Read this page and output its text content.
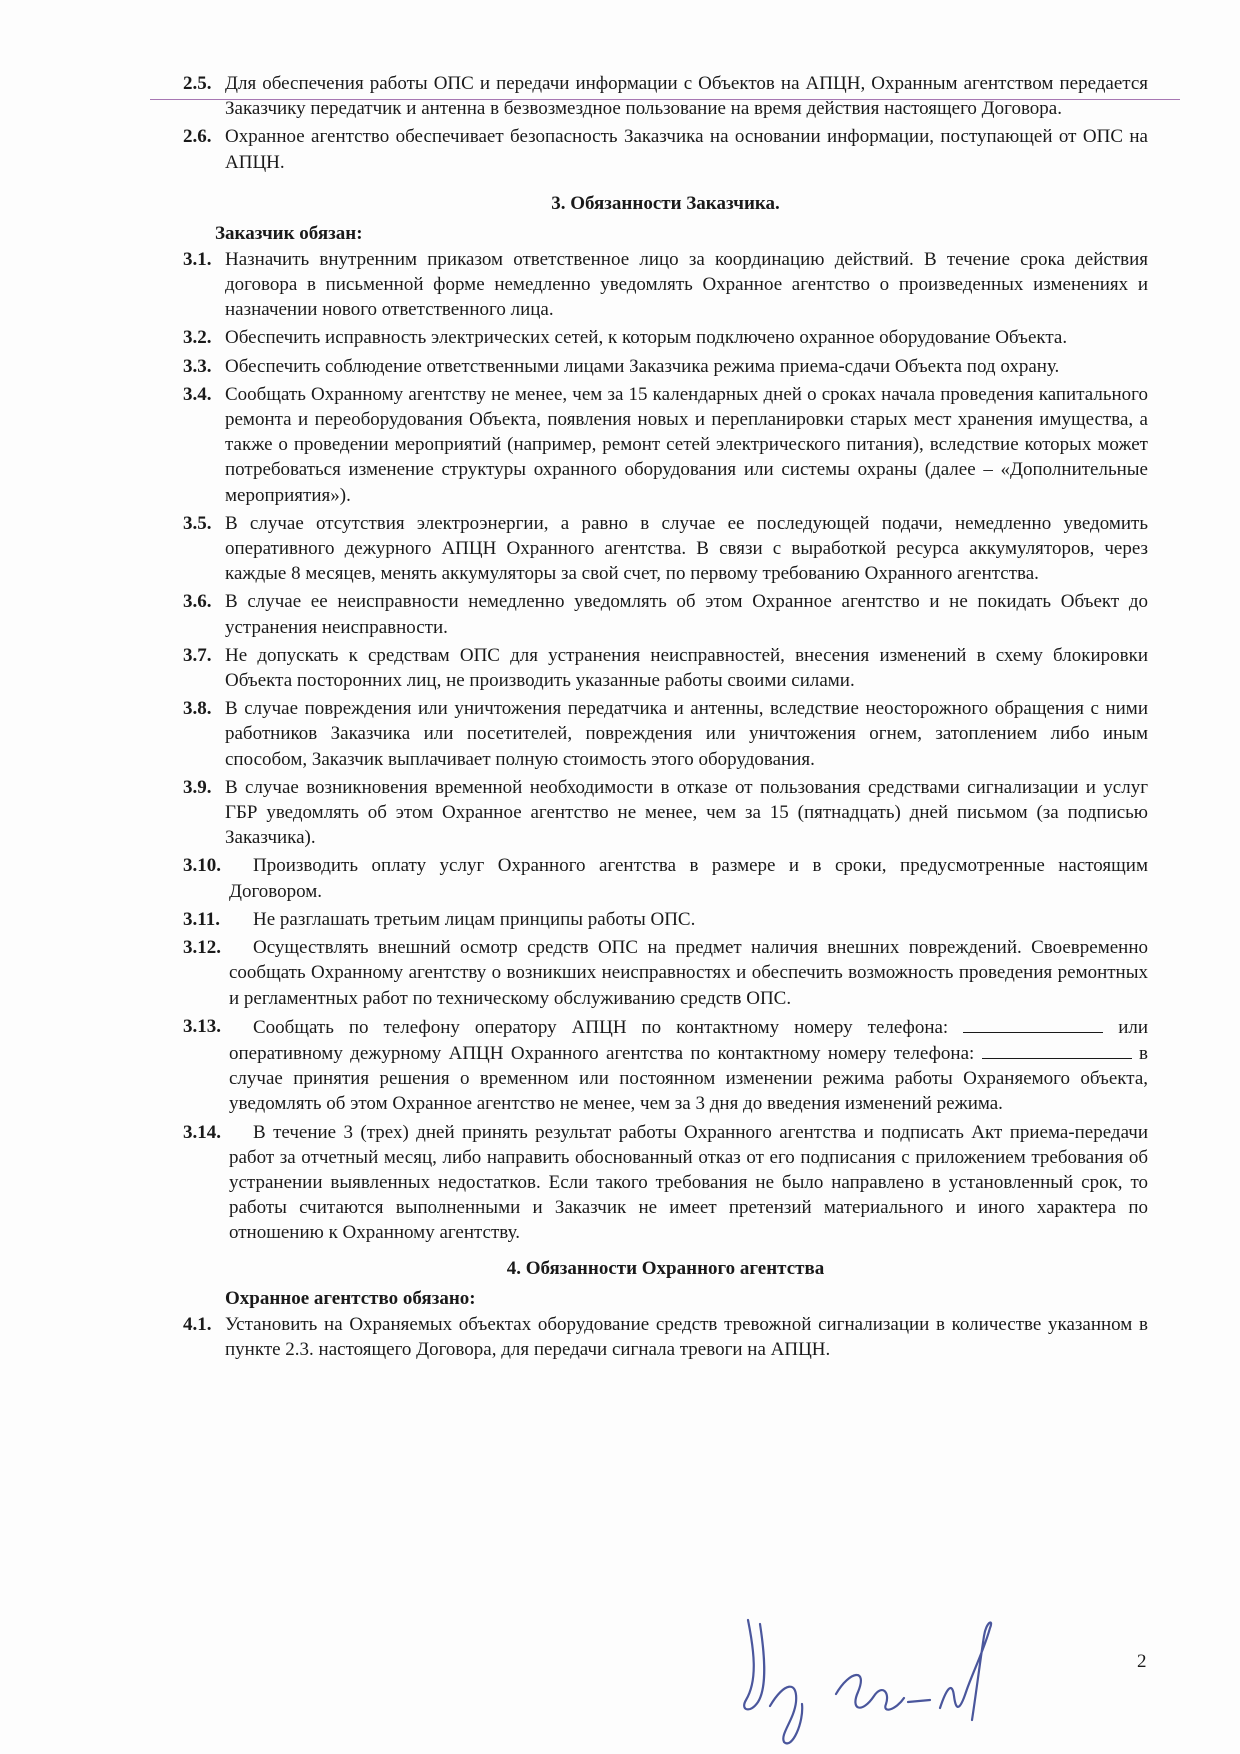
2.5. Для обеспечения работы ОПС и передачи информации с Объектов на АПЦН, Охранным агентством передается Заказчику передатчик и антенна в безвозмездное пользование на время действия настоящего Договора.
2.6. Охранное агентство обеспечивает безопасность Заказчика на основании информации, поступающей от ОПС на АПЦН.
3. Обязанности Заказчика.
Заказчик обязан:
3.1. Назначить внутренним приказом ответственное лицо за координацию действий. В течение срока действия договора в письменной форме немедленно уведомлять Охранное агентство о произведенных изменениях и назначении нового ответственного лица.
3.2. Обеспечить исправность электрических сетей, к которым подключено охранное оборудование Объекта.
3.3. Обеспечить соблюдение ответственными лицами Заказчика режима приема-сдачи Объекта под охрану.
3.4. Сообщать Охранному агентству не менее, чем за 15 календарных дней о сроках начала проведения капитального ремонта и переоборудования Объекта, появления новых и перепланировки старых мест хранения имущества, а также о проведении мероприятий (например, ремонт сетей электрического питания), вследствие которых может потребоваться изменение структуры охранного оборудования или системы охраны (далее – «Дополнительные мероприятия»).
3.5. В случае отсутствия электроэнергии, а равно в случае ее последующей подачи, немедленно уведомить оперативного дежурного АПЦН Охранного агентства. В связи с выработкой ресурса аккумуляторов, через каждые 8 месяцев, менять аккумуляторы за свой счет, по первому требованию Охранного агентства.
3.6. В случае ее неисправности немедленно уведомлять об этом Охранное агентство и не покидать Объект до устранения неисправности.
3.7. Не допускать к средствам ОПС для устранения неисправностей, внесения изменений в схему блокировки Объекта посторонних лиц, не производить указанные работы своими силами.
3.8. В случае повреждения или уничтожения передатчика и антенны, вследствие неосторожного обращения с ними работников Заказчика или посетителей, повреждения или уничтожения огнем, затоплением либо иным способом, Заказчик выплачивает полную стоимость этого оборудования.
3.9. В случае возникновения временной необходимости в отказе от пользования средствами сигнализации и услуг ГБР уведомлять об этом Охранное агентство не менее, чем за 15 (пятнадцать) дней письмом (за подписью Заказчика).
3.10.	Производить оплату услуг Охранного агентства в размере и в сроки, предусмотренные настоящим Договором.
3.11.	Не разглашать третьим лицам принципы работы ОПС.
3.12.	Осуществлять внешний осмотр средств ОПС на предмет наличия внешних повреждений. Своевременно сообщать Охранному агентству о возникших неисправностях и обеспечить возможность проведения ремонтных и регламентных работ по техническому обслуживанию средств ОПС.
3.13.	Сообщать по телефону оператору АПЦН по контактному номеру телефона:	или оперативному дежурному АПЦН Охранного агентства по контактному номеру телефона:	в случае принятия решения о временном или постоянном изменении режима работы Охраняемого объекта, уведомлять об этом Охранное агентство не менее, чем за 3 дня до введения изменений режима.
3.14.	В течение 3 (трех) дней принять результат работы Охранного агентства и подписать Акт приема-передачи работ за отчетный месяц, либо направить обоснованный отказ от его подписания с приложением требования об устранении выявленных недостатков. Если такого требования не было направлено в установленный срок, то работы считаются выполненными и Заказчик не имеет претензий материального и иного характера по отношению к Охранному агентству.
4. Обязанности Охранного агентства
Охранное агентство обязано:
4.1. Установить на Охраняемых объектах оборудование средств тревожной сигнализации в количестве указанном в пункте 2.3. настоящего Договора, для передачи сигнала тревоги на АПЦН.
2
